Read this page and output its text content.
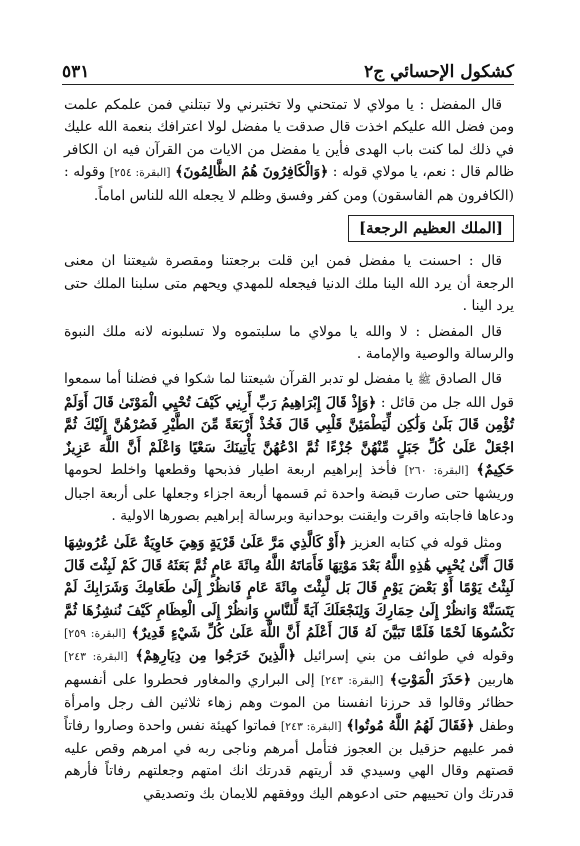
٥٣١	كشكول الإحسائي ج٢

قال المفضل : يا مولاي لا تمتحني ولا تختبرني ولا تبتلني فمن علمكم علمت ومن فضل الله عليكم اخذت قال صدقت يا مفضل لولا اعترافك بنعمة الله عليك في ذلك لما كنت باب الهدى فأين يا مفضل من الايات من القرآن فيه ان الكافر ظالم قال : نعم، يا مولاي قوله : ﴿وَالْكَافِرُونَ هُمُ الظَّالِمُونَ﴾ [البقرة: ٢٥٤] وقوله : (الكافرون هم الفاسقون) ومن كفر وفسق وظلم لا يجعله الله للناس اماماً.

[الملك العظيم الرجعة]

قال : احسنت يا مفضل فمن اين قلت برجعتنا ومقصرة شيعتنا ان معنى الرجعة أن يرد الله الينا ملك الدنيا فيجعله للمهدي ويحهم متى سلبنا الملك حتى يرد الينا .

قال المفضل : لا والله يا مولاي ما سلبتموه ولا تسلبونه لانه ملك النبوة والرسالة والوصية والإمامة .

قال الصادق ﷺ يا مفضل لو تدبر القرآن شيعتنا لما شكوا في فضلنا أما سمعوا قول الله جل من قائل : ﴿وَإِذْ قَالَ إِبْرَاهِيمُ رَبِّ أَرِنِي كَيْفَ تُحْيِي الْمَوْتَىٰ قَالَ أَوَلَمْ تُؤْمِن قَالَ بَلَىٰ وَلَٰكِن لِّيَطْمَئِنَّ قَلْبِي قَالَ فَخُذْ أَرْبَعَةً مِّنَ الطَّيْرِ فَصُرْهُنَّ إِلَيْكَ ثُمَّ اجْعَلْ عَلَىٰ كُلِّ جَبَلٍ مِّنْهُنَّ جُزْءًا ثُمَّ ادْعُهُنَّ يَأْتِينَكَ سَعْيًا وَاعْلَمْ أَنَّ اللَّهَ عَزِيزٌ حَكِيمٌ﴾ [البقرة: ٢٦٠] فأخذ إبراهيم اربعة اطيار فذبحها وقطعها واخلط لحومها وريشها حتى صارت قبضة واحدة ثم قسمها أربعة اجزاء وجعلها على أربعة اجبال ودعاها فاجابته واقرت وايقنت بوحدانية وبرسالة إبراهيم بصورها الاولية .

ومثل قوله في كتابه العزيز ﴿أَوْ كَالَّذِي مَرَّ عَلَىٰ قَرْيَةٍ وَهِيَ خَاوِيَةٌ عَلَىٰ عُرُوشِهَا قَالَ أَنَّىٰ يُحْيِي هَٰذِهِ اللَّهُ بَعْدَ مَوْتِهَا فَأَمَاتَهُ اللَّهُ مِائَةَ عَامٍ ثُمَّ بَعَثَهُ قَالَ كَمْ لَبِثْتَ قَالَ لَبِثْتُ يَوْمًا أَوْ بَعْضَ يَوْمٍ قَالَ بَل لَّبِثْتَ مِائَةَ عَامٍ فَانظُرْ إِلَىٰ طَعَامِكَ وَشَرَابِكَ لَمْ يَتَسَنَّهْ وَانظُرْ إِلَىٰ حِمَارِكَ وَلِنَجْعَلَكَ آيَةً لِّلنَّاسِ وَانظُرْ إِلَى الْعِظَامِ كَيْفَ نُنشِزُهَا ثُمَّ نَكْسُوهَا لَحْمًا فَلَمَّا تَبَيَّنَ لَهُ قَالَ أَعْلَمُ أَنَّ اللَّهَ عَلَىٰ كُلِّ شَيْءٍ قَدِيرٌ﴾ [البقرة: ٢٥٩] وقوله في طوائف من بني إسرائيل ﴿الَّذِينَ خَرَجُوا مِن دِيَارِهِمْ﴾ [البقرة: ٢٤٣] هاربين ﴿حَذَرَ الْمَوْتِ﴾ [البقرة: ٢٤٣] إلى البراري والمغاور فحطروا على أنفسهم حظائر وقالوا قد حرزنا انفسنا من الموت وهم زهاء ثلاثين الف رجل وامرأة وطفل ﴿فَقَالَ لَهُمُ اللَّهُ مُوتُوا﴾ [البقرة: ٢٤٣] فماتوا كهيئة نفس واحدة وصاروا رفاتاً فمر عليهم حزقيل بن العجوز فتأمل أمرهم وناجى ربه في امرهم وقص عليه قصتهم وقال الهي وسيدي قد أريتهم قدرتك انك امتهم وجعلتهم رفاتاً فأرهم قدرتك وان تحييهم حتى ادعوهم اليك ووفقهم للايمان بك وتصديقي
